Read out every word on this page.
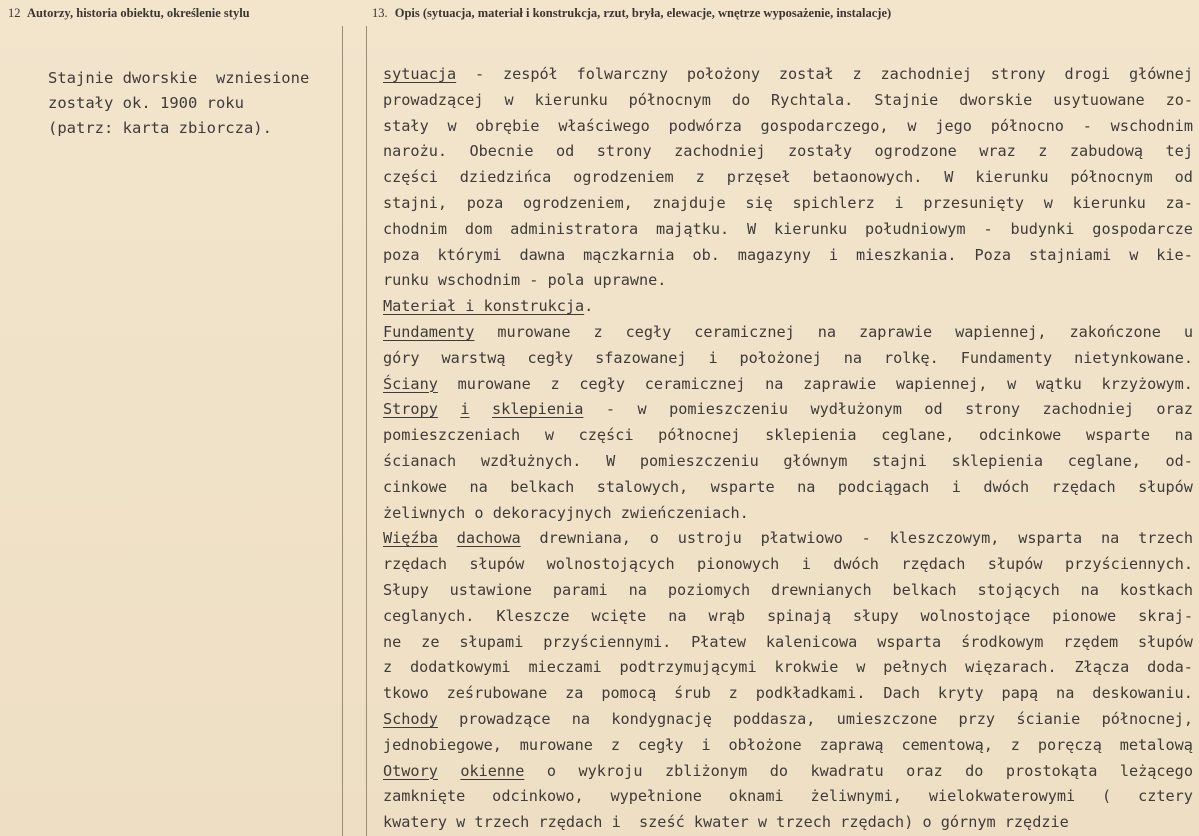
12 Autorzy, historia obiektu, określenie stylu	13. Opis (sytuacja, materiał i konstrukcja, rzut, bryła, elewacje, wnętrze wyposażenie, instalacje)
Stajnie dworskie  wzniesione
zostały ok. 1900 roku
(patrz: karta zbiorcza).
sytuacja - zespół folwarczny położony został z zachodniej strony drogi głównej
prowadzącej w kierunku północnym do Rychtala. Stajnie dworskie usytuowane zo-
stały w obrębie właściwego podwórza gospodarczego, w jego północno - wschodnim
narożu. Obecnie od strony zachodniej zostały ogrodzone wraz z zabudową tej
części dziedzińca ogrodzeniem z przęseł betaonowych. W kierunku północnym od
stajni, poza ogrodzeniem, znajduje się spichlerz i przesunięty w kierunku za-
chodnim dom administratora majątku. W kierunku południowym - budynki gospodarcze
poza którymi dawna mączkarnia ob. magazyny i mieszkania. Poza stajniami w kie-
runku wschodnim - pola uprawne.
Materiał i konstrukcja .
Fundamenty murowane z cegły ceramicznej na zaprawie wapiennej, zakończone u
góry warstwą cegły sfazowanej i położonej na rolkę. Fundamenty nietynkowane.
Ściany murowane z cegły ceramicznej na zaprawie wapiennej, w wątku krzyżowym.
Stropy i sklepienia - w pomieszczeniu wydłużonym od strony zachodniej oraz
pomieszczeniach w części północnej sklepienia ceglane, odcinkowe wsparte na
ścianach wzdłużnych. W pomieszczeniu głównym stajni sklepienia ceglane, od-
cinkowe na belkach stalowych, wsparte na podciągach i dwóch rzędach słupów
żeliwnych o dekoracyjnych zwieńczeniach.
Więźba dachowa drewniana, o ustroju płatwiowo - kleszczowym, wsparta na trzech
rzędach słupów wolnostojących pionowych i dwóch rzędach słupów przyściennych.
Słupy ustawione parami na poziomych drewnianych belkach stojących na kostkach
ceglanych. Kleszcze wcięte na wrąb spinają słupy wolnostojące pionowe skraj-
ne ze słupami przyściennymi. Płatew kalenicowa wsparta środkowym rzędem słupów
z dodatkowymi mieczami podtrzymującymi krokwie w pełnych więzarach. Złącza doda-
tkowo ześrubowane za pomocą śrub z podkładkami. Dach kryty papą na deskowaniu.
Schody prowadzące na kondygnację poddasza, umieszczone przy ścianie północnej,
jednobiegowe, murowane z cegły i obłożone zaprawą cementową, z poręczą metalową
Otwory okienne o wykroju zbliżonym do kwadratu oraz do prostokąta leżącego
zamknięte odcinkowo, wypełnione oknami żeliwnymi, wielokwaterowymi ( cztery
kwatery w trzech rzędach i  sześć kwater w trzech rzędach) o górnym rzędzie
